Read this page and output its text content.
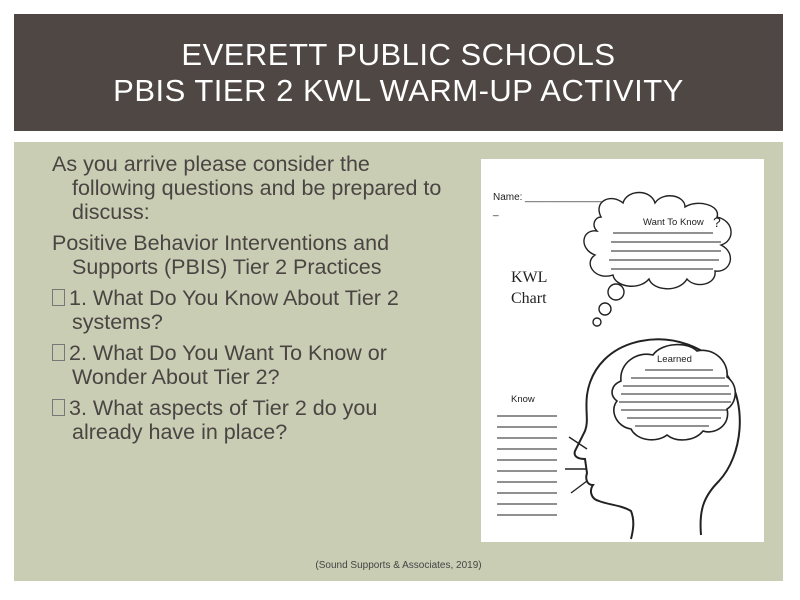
EVERETT PUBLIC SCHOOLS
PBIS TIER 2 KWL WARM-UP ACTIVITY
As you arrive please consider the following questions and be prepared to discuss:
Positive Behavior Interventions and Supports (PBIS) Tier 2 Practices
1. What Do You Know About Tier 2 systems?
2. What Do You Want To Know or Wonder About Tier 2?
3. What aspects of Tier 2 do you already have in place?
Name: ______________
_
KWL
Chart
Want To Know ?
Learned
Know
(Sound Supports & Associates, 2019)
